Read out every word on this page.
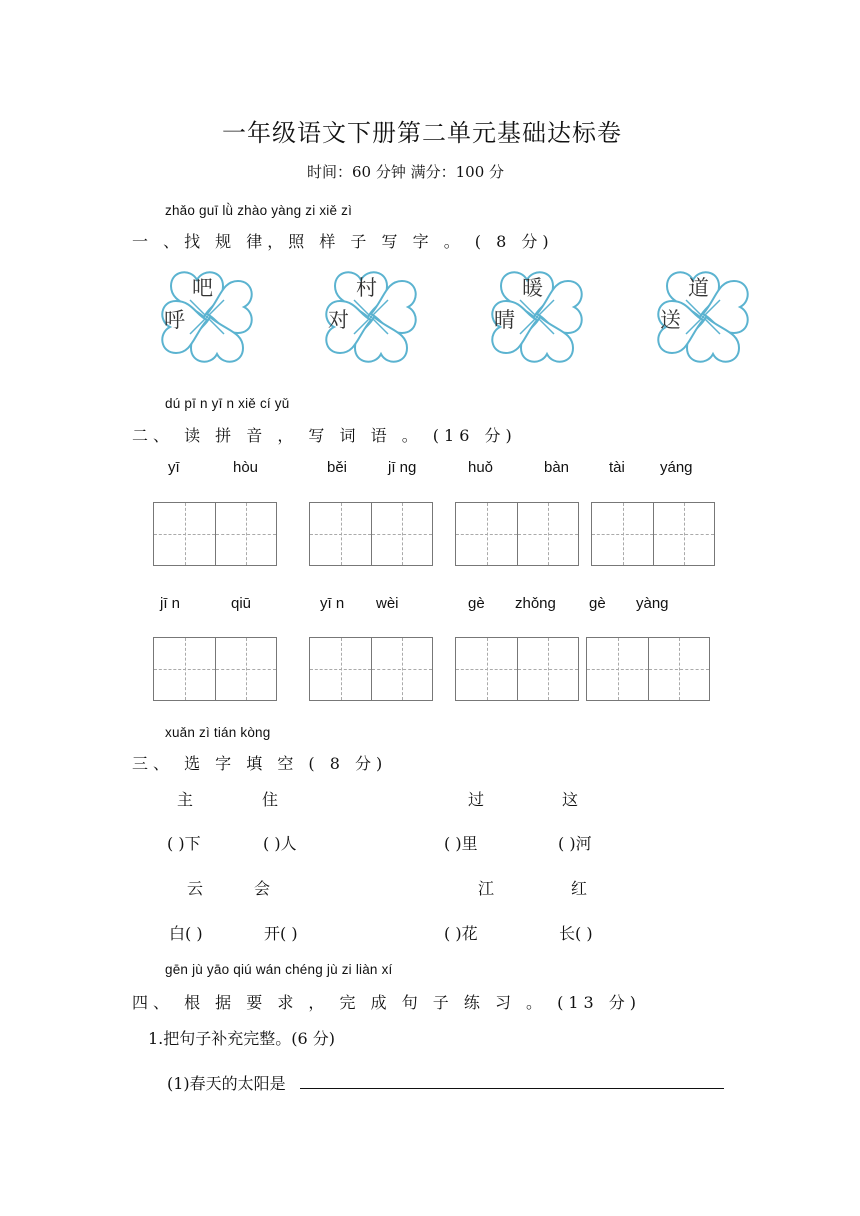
一年级语文下册第二单元基础达标卷
时间：60 分钟 满分：100 分
zhǎo guī lǜ zhào yàng zi xiě zì
一 、找 规 律，照 样 子 写 字 。 ( 8 分)
吧
呼
村
对
暖
晴
道
送
dú pī n yī n xiě cí yǔ
二、 读 拼 音 ， 写 词 语 。 (16 分)
yī	hòu	běi	jī ng	huǒ	bàn	tài yáng
jī n	qiū	yī n wèi	gè zhǒng gè yàng
xuǎn zì tián kòng
三、 选 字 填 空 ( 8 分)
主	住	过	这
( )下	( )人	( )里	( )河
云	会	江	红
白( )	开( )	( )花	长( )
gēn jù yāo qiú wán chéng jù zi liàn xí
四、 根 据 要 求 ， 完 成 句 子 练 习 。 (13 分)
1.把句子补充完整。(6 分)
(1)春天的太阳是
